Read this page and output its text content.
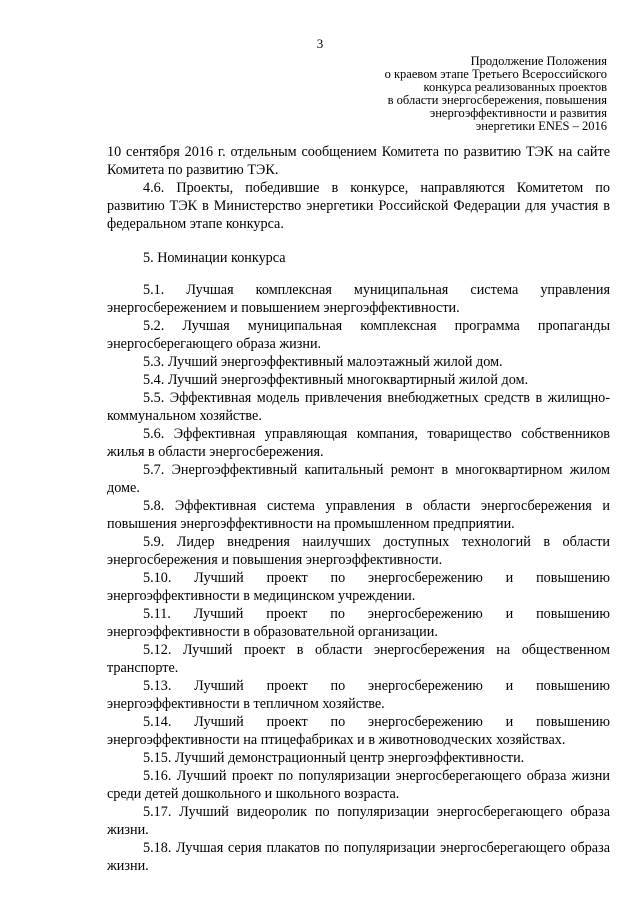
3
Продолжение Положения
о краевом этапе Третьего Всероссийского
конкурса реализованных проектов
в области энергосбережения, повышения
энергоэффективности и развития
энергетики ENES – 2016

10 сентября 2016 г. отдельным сообщением Комитета по развитию ТЭК на сайте Комитета по развитию ТЭК.

4.6. Проекты, победившие в конкурсе, направляются Комитетом по развитию ТЭК в Министерство энергетики Российской Федерации для участия в федеральном этапе конкурса.

5. Номинации конкурса

5.1. Лучшая комплексная муниципальная система управления энергосбережением и повышением энергоэффективности.

5.2. Лучшая муниципальная комплексная программа пропаганды энергосберегающего образа жизни.

5.3. Лучший энергоэффективный малоэтажный жилой дом.

5.4. Лучший энергоэффективный многоквартирный жилой дом.

5.5. Эффективная модель привлечения внебюджетных средств в жилищно-коммунальном хозяйстве.

5.6. Эффективная управляющая компания, товарищество собственников жилья в области энергосбережения.

5.7. Энергоэффективный капитальный ремонт в многоквартирном жилом доме.

5.8. Эффективная система управления в области энергосбережения и повышения энергоэффективности на промышленном предприятии.

5.9. Лидер внедрения наилучших доступных технологий в области энергосбережения и повышения энергоэффективности.

5.10. Лучший проект по энергосбережению и повышению энергоэффективности в медицинском учреждении.

5.11. Лучший проект по энергосбережению и повышению энергоэффективности в образовательной организации.

5.12. Лучший проект в области энергосбережения на общественном транспорте.

5.13. Лучший проект по энергосбережению и повышению энергоэффективности в тепличном хозяйстве.

5.14. Лучший проект по энергосбережению и повышению энергоэффективности на птицефабриках и в животноводческих хозяйствах.

5.15. Лучший демонстрационный центр энергоэффективности.

5.16. Лучший проект по популяризации энергосберегающего образа жизни среди детей дошкольного и школьного возраста.

5.17. Лучший видеоролик по популяризации энергосберегающего образа жизни.

5.18. Лучшая серия плакатов по популяризации энергосберегающего образа жизни.
